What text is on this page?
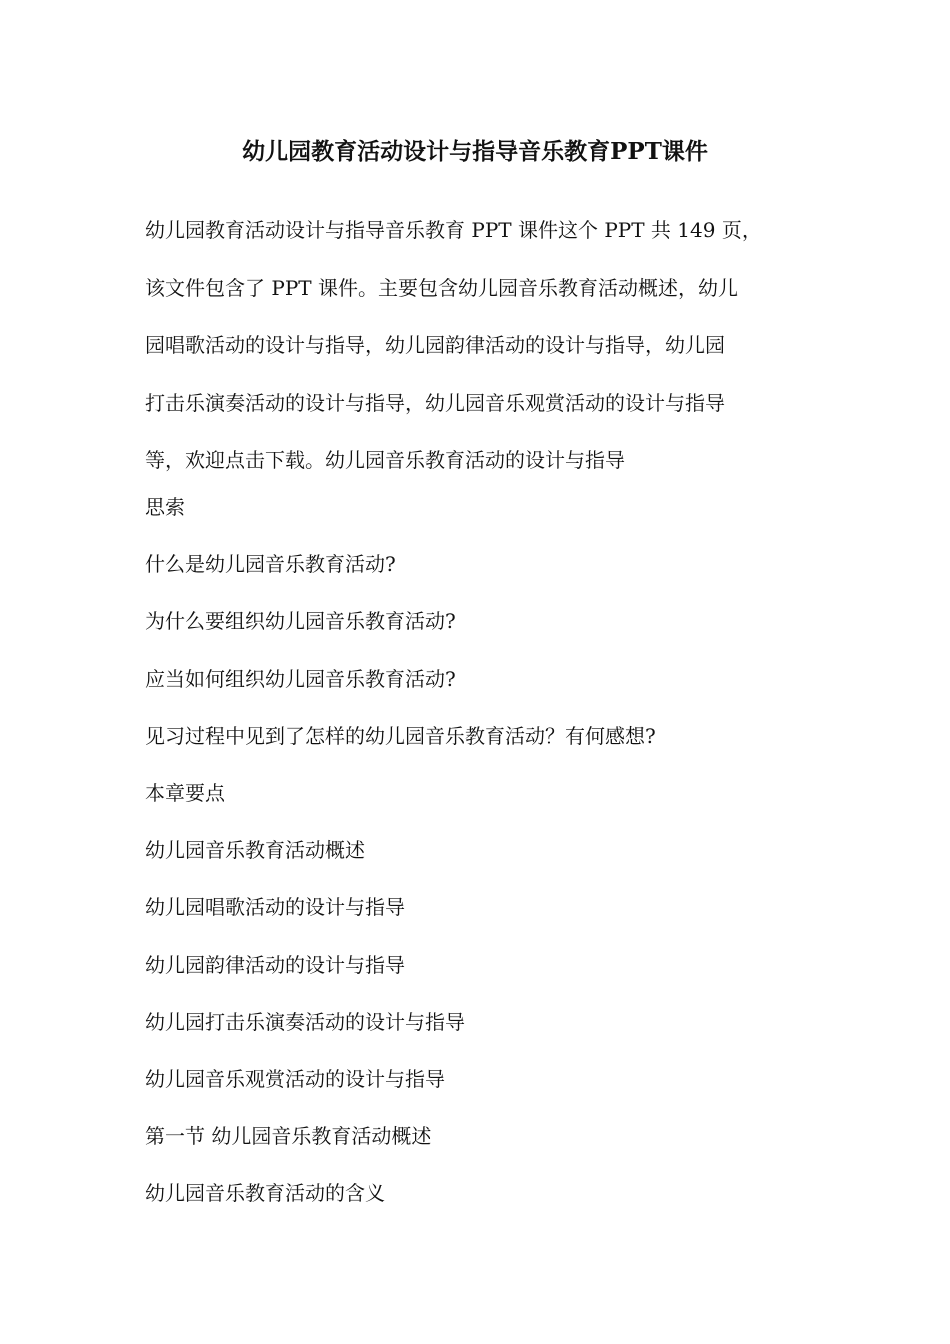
幼儿园教育活动设计与指导音乐教育PPT课件

幼儿园教育活动设计与指导音乐教育 PPT 课件这个 PPT 共 149 页，
该文件包含了 PPT 课件。主要包含幼儿园音乐教育活动概述，幼儿
园唱歌活动的设计与指导，幼儿园韵律活动的设计与指导，幼儿园
打击乐演奏活动的设计与指导，幼儿园音乐观赏活动的设计与指导
等，欢迎点击下载。幼儿园音乐教育活动的设计与指导

思索
什么是幼儿园音乐教育活动?
为什么要组织幼儿园音乐教育活动?
应当如何组织幼儿园音乐教育活动?
见习过程中见到了怎样的幼儿园音乐教育活动？有何感想?
本章要点
幼儿园音乐教育活动概述
幼儿园唱歌活动的设计与指导
幼儿园韵律活动的设计与指导
幼儿园打击乐演奏活动的设计与指导
幼儿园音乐观赏活动的设计与指导
第一节 幼儿园音乐教育活动概述
幼儿园音乐教育活动的含义
